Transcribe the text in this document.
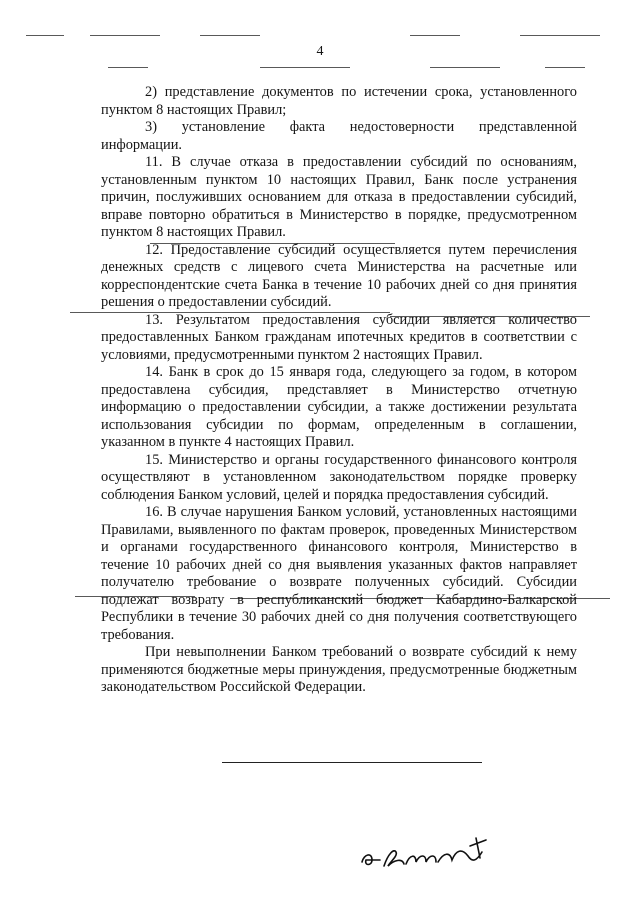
4

2) представление документов по истечении срока, установленного пунктом 8 настоящих Правил;

3) установление факта недостоверности представленной информации.

11. В случае отказа в предоставлении субсидий по основаниям, установленным пунктом 10 настоящих Правил, Банк после устранения причин, послуживших основанием для отказа в предоставлении субсидий, вправе повторно обратиться в Министерство в порядке, предусмотренном пунктом 8 настоящих Правил.

12. Предоставление субсидий осуществляется путем перечисления денежных средств с лицевого счета Министерства на расчетные или корреспондентские счета Банка в течение 10 рабочих дней со дня принятия решения о предоставлении субсидий.

13. Результатом предоставления субсидии является количество предоставленных Банком гражданам ипотечных кредитов в соответствии с условиями, предусмотренными пунктом 2 настоящих Правил.

14. Банк в срок до 15 января года, следующего за годом, в котором предоставлена субсидия, представляет в Министерство отчетную информацию о предоставлении субсидии, а также достижении результата использования субсидии по формам, определенным в соглашении, указанном в пункте 4 настоящих Правил.

15. Министерство и органы государственного финансового контроля осуществляют в установленном законодательством порядке проверку соблюдения Банком условий, целей и порядка предоставления субсидий.

16. В случае нарушения Банком условий, установленных настоящими Правилами, выявленного по фактам проверок, проведенных Министерством и органами государственного финансового контроля, Министерство в течение 10 рабочих дней со дня выявления указанных фактов направляет получателю требование о возврате полученных субсидий. Субсидии подлежат возврату в республиканский бюджет Кабардино-Балкарской Республики в течение 30 рабочих дней со дня получения соответствующего требования.

При невыполнении Банком требований о возврате субсидий к нему применяются бюджетные меры принуждения, предусмотренные бюджетным законодательством Российской Федерации.
